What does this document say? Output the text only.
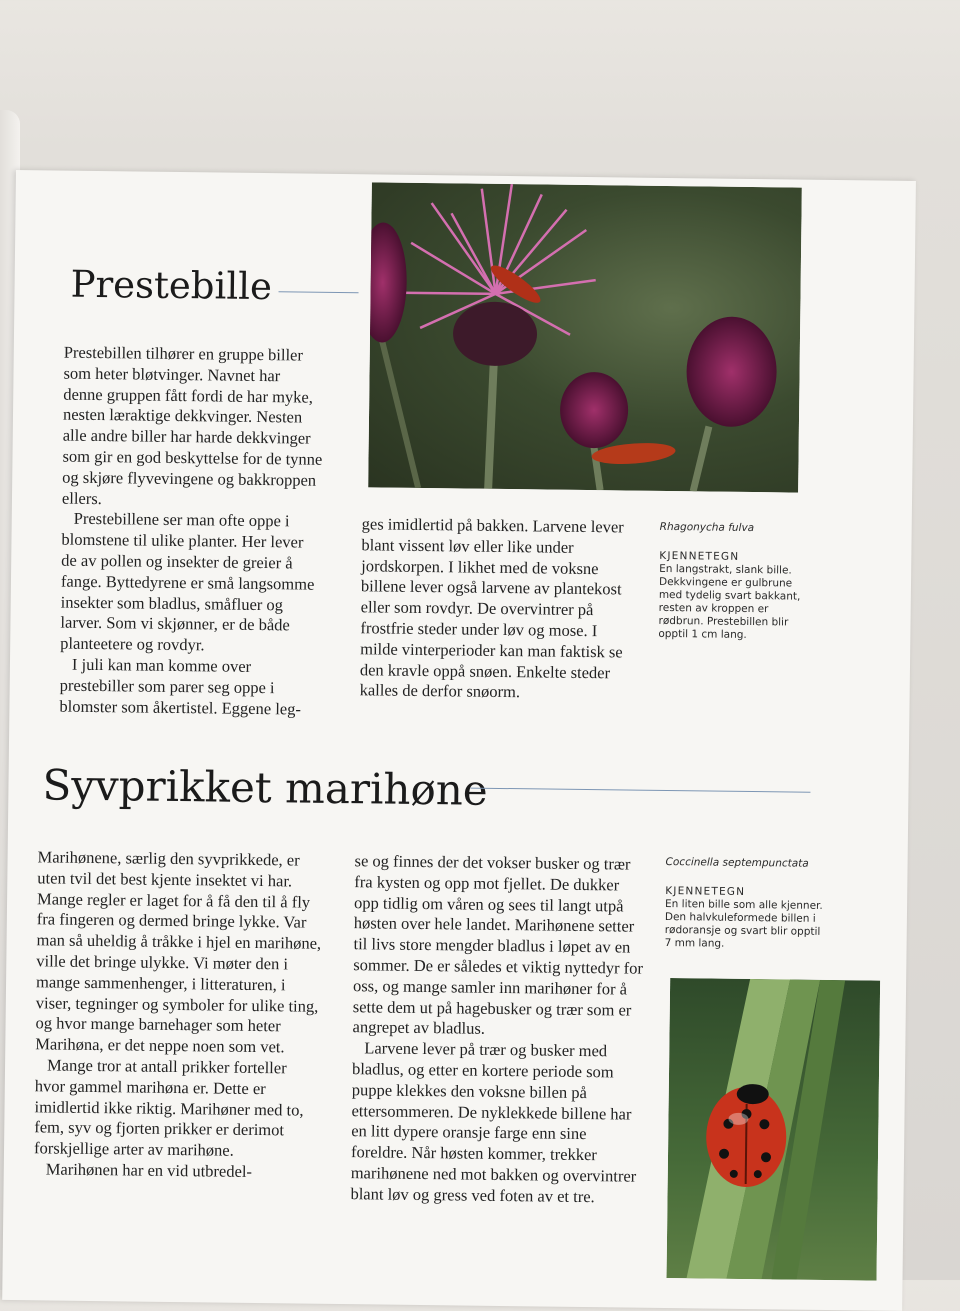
Prestebille

Prestebillen tilhører en gruppe biller som heter bløtvinger. Navnet har denne gruppen fått fordi de har myke, nesten læraktige dekkvinger. Nesten alle andre biller har harde dekkvinger som gir en god beskyttelse for de tynne og skjøre flyvevingene og bakkroppen ellers.

Prestebillene ser man ofte oppe i blomstene til ulike planter. Her lever de av pollen og insekter de greier å fange. Byttedyrene er små langsomme insekter som bladlus, småfluer og larver. Som vi skjønner, er de både planteetere og rovdyr.

I juli kan man komme over prestebiller som parer seg oppe i blomster som åkertistel. Eggene leg-

ges imidlertid på bakken. Larvene lever blant vissent løv eller like under jordskorpen. I likhet med de voksne billene lever også larvene av plantekost eller som rovdyr. De overvintrer på frostfrie steder under løv og mose. I milde vinterperioder kan man faktisk se den kravle oppå snøen. Enkelte steder kalles de derfor snøorm.

Rhagonycha fulva
KJENNETEGN
En langstrakt, slank bille. Dekkvingene er gulbrune med tydelig svart bakkant, resten av kroppen er rødbrun. Prestebillen blir opptil 1 cm lang.
Syvprikket marihøne

Marihønene, særlig den syvprikkede, er uten tvil det best kjente insektet vi har. Mange regler er laget for å få den til å fly fra fingeren og dermed bringe lykke. Var man så uheldig å tråkke i hjel en marihøne, ville det bringe ulykke. Vi møter den i mange sammenhenger, i litteraturen, i viser, tegninger og symboler for ulike ting, og hvor mange barnehager som heter Marihøna, er det neppe noen som vet.

Mange tror at antall prikker forteller hvor gammel marihøna er. Dette er imidlertid ikke riktig. Marihøner med to, fem, syv og fjorten prikker er derimot forskjellige arter av marihøne.

Marihønen har en vid utbredel-

se og finnes der det vokser busker og trær fra kysten og opp mot fjellet. De dukker opp tidlig om våren og sees til langt utpå høsten over hele landet. Marihønene setter til livs store mengder bladlus i løpet av en sommer. De er således et viktig nyttedyr for oss, og mange samler inn marihøner for å sette dem ut på hagebusker og trær som er angrepet av bladlus.

Larvene lever på trær og busker med bladlus, og etter en kortere periode som puppe klekkes den voksne billen på ettersommeren. De nyklekkede billene har en litt dypere oransje farge enn sine foreldre. Når høsten kommer, trekker marihønene ned mot bakken og overvintrer blant løv og gress ved foten av et tre.

Coccinella septempunctata
KJENNETEGN
En liten bille som alle kjenner. Den halvkuleformede billen i rødoransje og svart blir opptil 7 mm lang.
